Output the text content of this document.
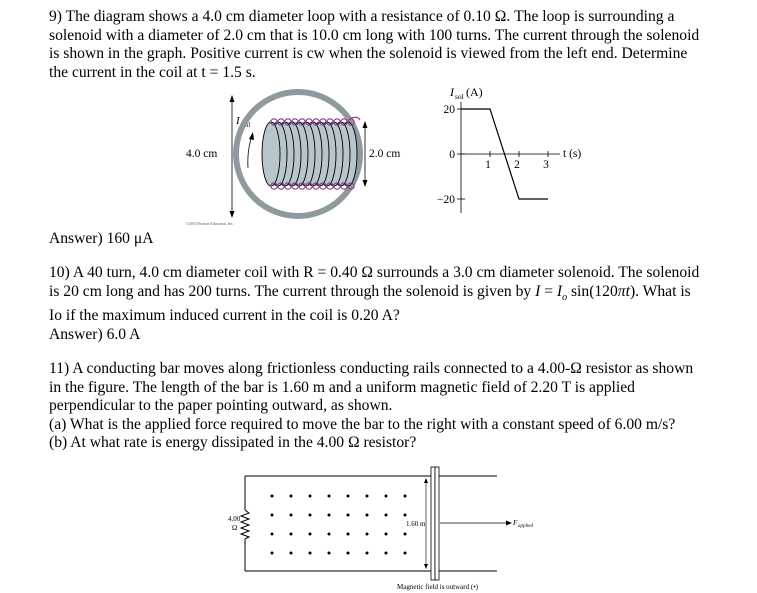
9) The diagram shows a 4.0 cm diameter loop with a resistance of 0.10 Ω. The loop is surrounding a
solenoid with a diameter of 2.0 cm that is 10.0 cm long with 100 turns. The current through the solenoid
is shown in the graph. Positive current is cw when the solenoid is viewed from the left end. Determine
the current in the coil at t = 1.5 s.

4.0 cm
I sol
2.0 cm
©2010 Pearson Education, Inc.
I sol (A)
20
0
−20
1 2 3
t (s)

Answer) 160 μA

10) A 40 turn, 4.0 cm diameter coil with R = 0.40 Ω surrounds a 3.0 cm diameter solenoid. The solenoid
is 20 cm long and has 200 turns. The current through the solenoid is given by $I = I_o$ sin(120πt). What is
Io if the maximum induced current in the coil is 0.20 A?
Answer) 6.0 A

11) A conducting bar moves along frictionless conducting rails connected to a 4.00-Ω resistor as shown
in the figure. The length of the bar is 1.60 m and a uniform magnetic field of 2.20 T is applied
perpendicular to the paper pointing outward, as shown.
(a) What is the applied force required to move the bar to the right with a constant speed of 6.00 m/s?
(b) At what rate is energy dissipated in the 4.00 Ω resistor?

4.00
Ω	1.60 m	F applied
Magnetic field is outward (•)
